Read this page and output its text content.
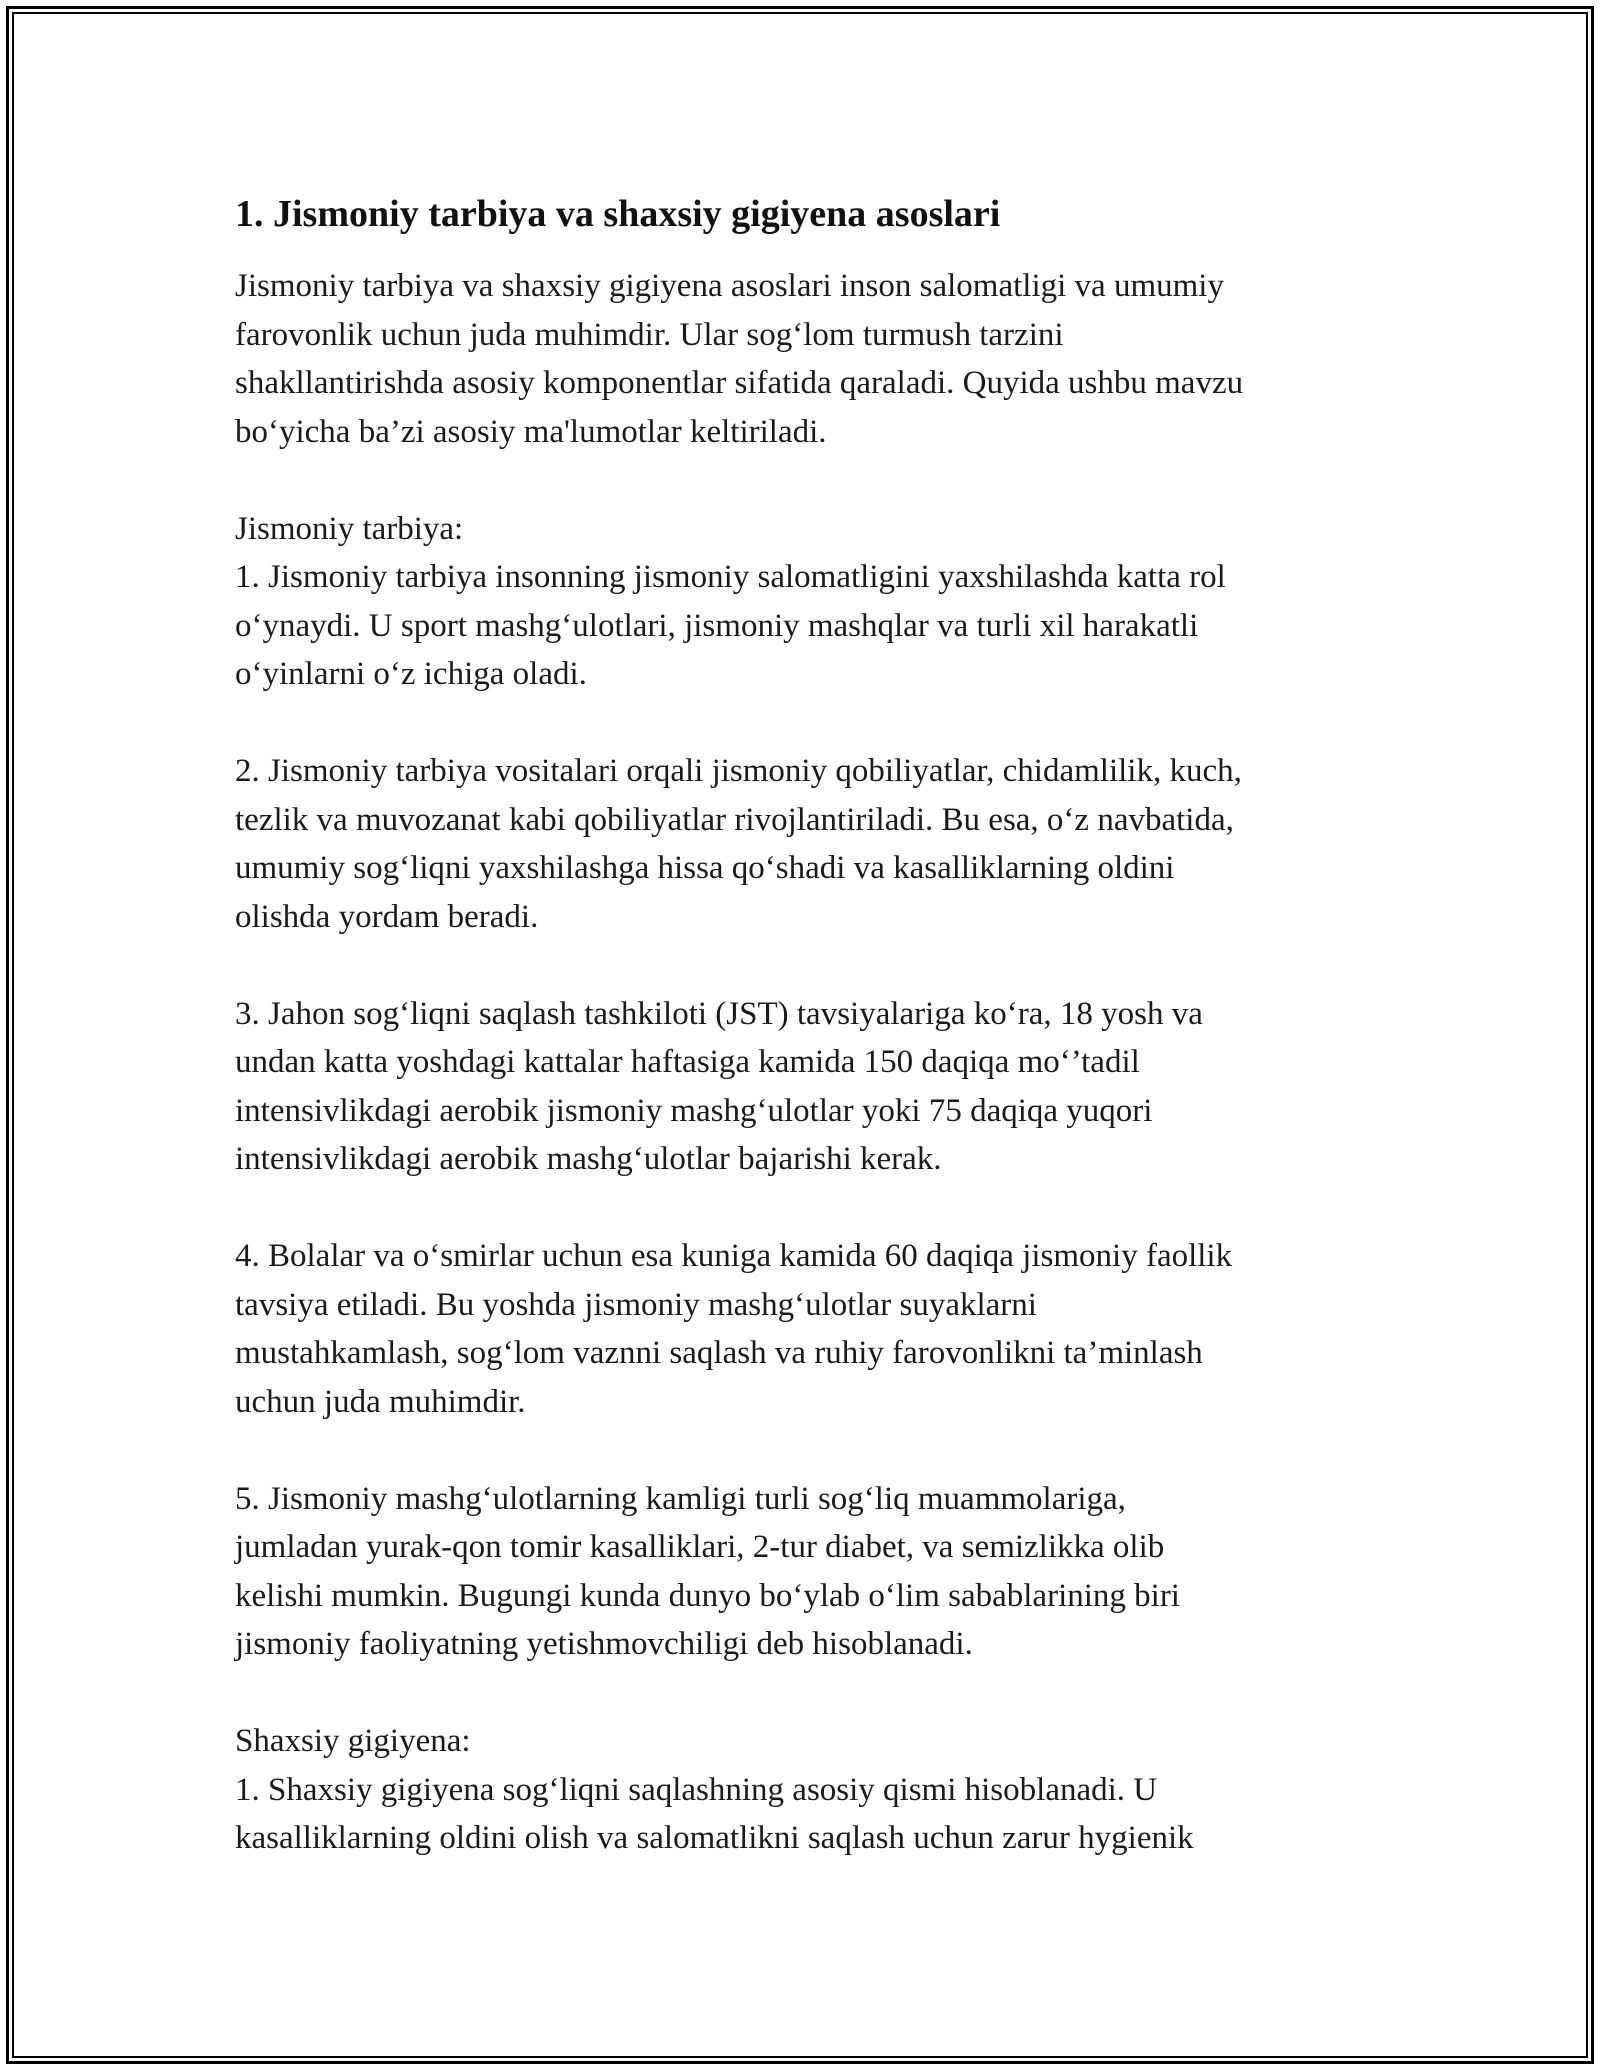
1. Jismoniy tarbiya va shaxsiy gigiyena asoslari

Jismoniy tarbiya va shaxsiy gigiyena asoslari inson salomatligi va umumiy

farovonlik uchun juda muhimdir. Ular sog‘lom turmush tarzini

shakllantirishda asosiy komponentlar sifatida qaraladi. Quyida ushbu mavzu

bo‘yicha ba’zi asosiy ma'lumotlar keltiriladi.

Jismoniy tarbiya:

1. Jismoniy tarbiya insonning jismoniy salomatligini yaxshilashda katta rol

o‘ynaydi. U sport mashg‘ulotlari, jismoniy mashqlar va turli xil harakatli

o‘yinlarni o‘z ichiga oladi.

2. Jismoniy tarbiya vositalari orqali jismoniy qobiliyatlar, chidamlilik, kuch,

tezlik va muvozanat kabi qobiliyatlar rivojlantiriladi. Bu esa, o‘z navbatida,

umumiy sog‘liqni yaxshilashga hissa qo‘shadi va kasalliklarning oldini

olishda yordam beradi.

3. Jahon sog‘liqni saqlash tashkiloti (JST) tavsiyalariga ko‘ra, 18 yosh va

undan katta yoshdagi kattalar haftasiga kamida 150 daqiqa mo‘’tadil

intensivlikdagi aerobik jismoniy mashg‘ulotlar yoki 75 daqiqa yuqori

intensivlikdagi aerobik mashg‘ulotlar bajarishi kerak.

4. Bolalar va o‘smirlar uchun esa kuniga kamida 60 daqiqa jismoniy faollik

tavsiya etiladi. Bu yoshda jismoniy mashg‘ulotlar suyaklarni

mustahkamlash, sog‘lom vaznni saqlash va ruhiy farovonlikni ta’minlash

uchun juda muhimdir.

5. Jismoniy mashg‘ulotlarning kamligi turli sog‘liq muammolariga,

jumladan yurak-qon tomir kasalliklari, 2-tur diabet, va semizlikka olib

kelishi mumkin. Bugungi kunda dunyo bo‘ylab o‘lim sabablarining biri

jismoniy faoliyatning yetishmovchiligi deb hisoblanadi.

Shaxsiy gigiyena:

1. Shaxsiy gigiyena sog‘liqni saqlashning asosiy qismi hisoblanadi. U

kasalliklarning oldini olish va salomatlikni saqlash uchun zarur hygienik
